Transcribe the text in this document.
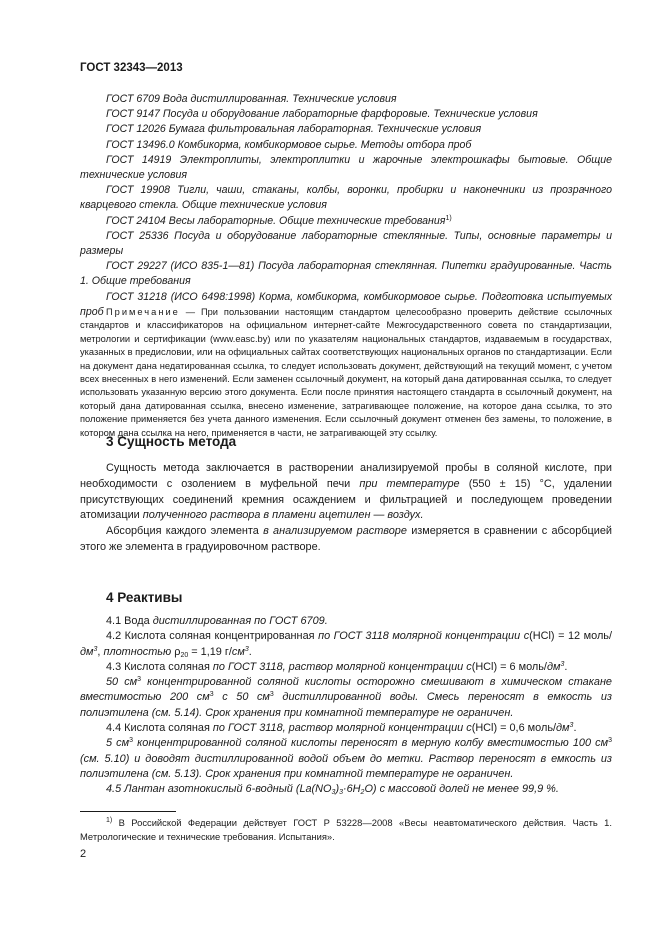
ГОСТ 32343—2013

ГОСТ 6709 Вода дистиллированная. Технические условия

ГОСТ 9147 Посуда и оборудование лабораторные фарфоровые. Технические условия

ГОСТ 12026 Бумага фильтровальная лабораторная. Технические условия

ГОСТ 13496.0 Комбикорма, комбикормовое сырье. Методы отбора проб

ГОСТ 14919 Электроплиты, электроплитки и жарочные электрошкафы бытовые. Общие технические условия

ГОСТ 19908 Тигли, чаши, стаканы, колбы, воронки, пробирки и наконечники из прозрачного кварцевого стекла. Общие технические условия

ГОСТ 24104 Весы лабораторные. Общие технические требования$^{1)}$

ГОСТ 25336 Посуда и оборудование лабораторные стеклянные. Типы, основные параметры и размеры

ГОСТ 29227 (ИСО 835-1—81) Посуда лабораторная стеклянная. Пипетки градуированные. Часть 1. Общие требования

ГОСТ 31218 (ИСО 6498:1998) Корма, комбикорма, комбикормовое сырье. Подготовка испытуемых проб Примечание — При пользовании настоящим стандартом целесообразно проверить действие ссылочных стандартов и классификаторов на официальном интернет-сайте Межгосударственного совета по стандартизации, метрологии и сертификации (www.easc.by) или по указателям национальных стандартов, издаваемым в государствах, указанных в предисловии, или на официальных сайтах соответствующих национальных органов по стандартизации. Если на документ дана недатированная ссылка, то следует использовать документ, действующий на текущий момент, с учетом всех внесенных в него изменений. Если заменен ссылочный документ, на который дана датированная ссылка, то следует использовать указанную версию этого документа. Если после принятия настоящего стандарта в ссылочный документ, на который дана датированная ссылка, внесено изменение, затрагивающее положение, на которое дана ссылка, то это положение применяется без учета данного изменения. Если ссылочный документ отменен без замены, то положение, в котором дана ссылка на него, применяется в части, не затрагивающей эту ссылку.

3 Сущность метода

Сущность метода заключается в растворении анализируемой пробы в соляной кислоте, при необходимости с озолением в муфельной печи при температуре (550 ± 15) °С, удалении присутствующих соединений кремния осаждением и фильтрацией и последующем проведении атомизации полученного раствора в пламени ацетилен — воздух.

Абсорбция каждого элемента в анализируемом растворе измеряется в сравнении с абсорбцией этого же элемента в градуировочном растворе.

4 Реактивы

4.1 Вода дистиллированная по ГОСТ 6709.

4.2 Кислота соляная концентрированная по ГОСТ 3118 молярной концентрации c(HCl) = 12 моль/$дм^3$, плотностью $\rho_{20} = 1,19$ $г/см^3$.

4.3 Кислота соляная по ГОСТ 3118, раствор молярной концентрации c(HCl) = 6 моль/$дм^3$.

50 $см^3$ концентрированной соляной кислоты осторожно смешивают в химическом стакане вместимостью 200 $см^3$ с 50 $см^3$ дистиллированной воды. Смесь переносят в емкость из полиэтилена (см. 5.14). Срок хранения при комнатной температуре не ограничен.

4.4 Кислота соляная по ГОСТ 3118, раствор молярной концентрации c(HCl) = 0,6 моль/$дм^3$.

5 $см^3$ концентрированной соляной кислоты переносят в мерную колбу вместимостью 100 $см^3$ (см. 5.10) и доводят дистиллированной водой объем до метки. Раствор переносят в емкость из полиэтилена (см. 5.13). Срок хранения при комнатной температуре не ограничен.

4.5 Лантан азотнокислый 6-водный $(La(NO_3)_3\cdot 6H_2O)$ с массовой долей не менее 99,9 %.

$^{1)}$ В Российской Федерации действует ГОСТ Р 53228—2008 «Весы неавтоматического действия. Часть 1. Метрологические и технические требования. Испытания».

2
